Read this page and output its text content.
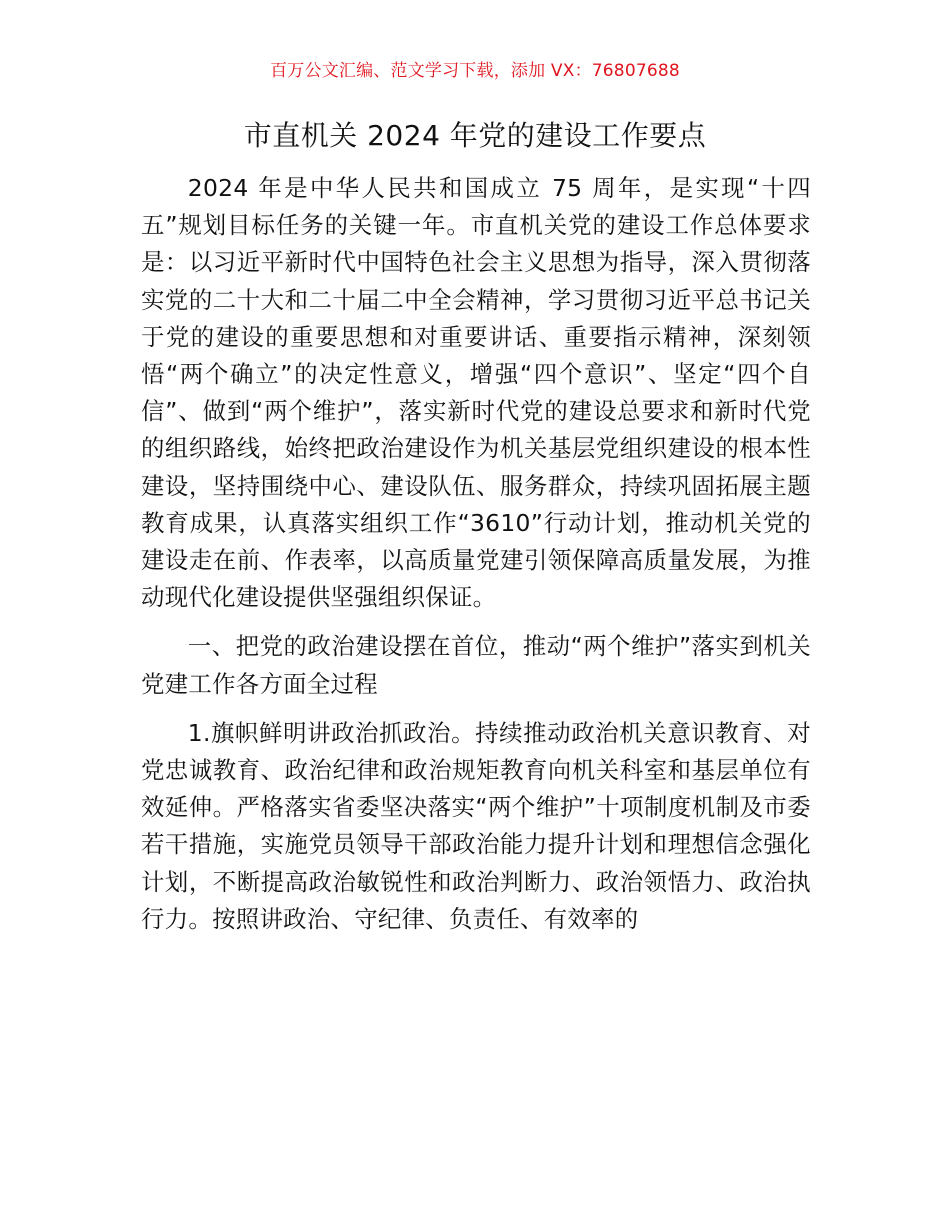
百万公文汇编、范文学习下载，添加 VX：76807688
市直机关 2024 年党的建设工作要点

2024 年是中华人民共和国成立 75 周年，是实现“十四五”规划目标任务的关键一年。市直机关党的建设工作总体要求是：以习近平新时代中国特色社会主义思想为指导，深入贯彻落实党的二十大和二十届二中全会精神，学习贯彻习近平总书记关于党的建设的重要思想和对重要讲话、重要指示精神，深刻领悟“两个确立”的决定性意义，增强“四个意识”、坚定“四个自信”、做到“两个维护”，落实新时代党的建设总要求和新时代党的组织路线，始终把政治建设作为机关基层党组织建设的根本性建设，坚持围绕中心、建设队伍、服务群众，持续巩固拓展主题教育成果，认真落实组织工作“3610”行动计划，推动机关党的建设走在前、作表率，以高质量党建引领保障高质量发展，为推动现代化建设提供坚强组织保证。

一、把党的政治建设摆在首位，推动“两个维护”落实到机关党建工作各方面全过程

1.旗帜鲜明讲政治抓政治。持续推动政治机关意识教育、对党忠诚教育、政治纪律和政治规矩教育向机关科室和基层单位有效延伸。严格落实省委坚决落实“两个维护”十项制度机制及市委若干措施，实施党员领导干部政治能力提升计划和理想信念强化计划，不断提高政治敏锐性和政治判断力、政治领悟力、政治执行力。按照讲政治、守纪律、负责任、有效率的
